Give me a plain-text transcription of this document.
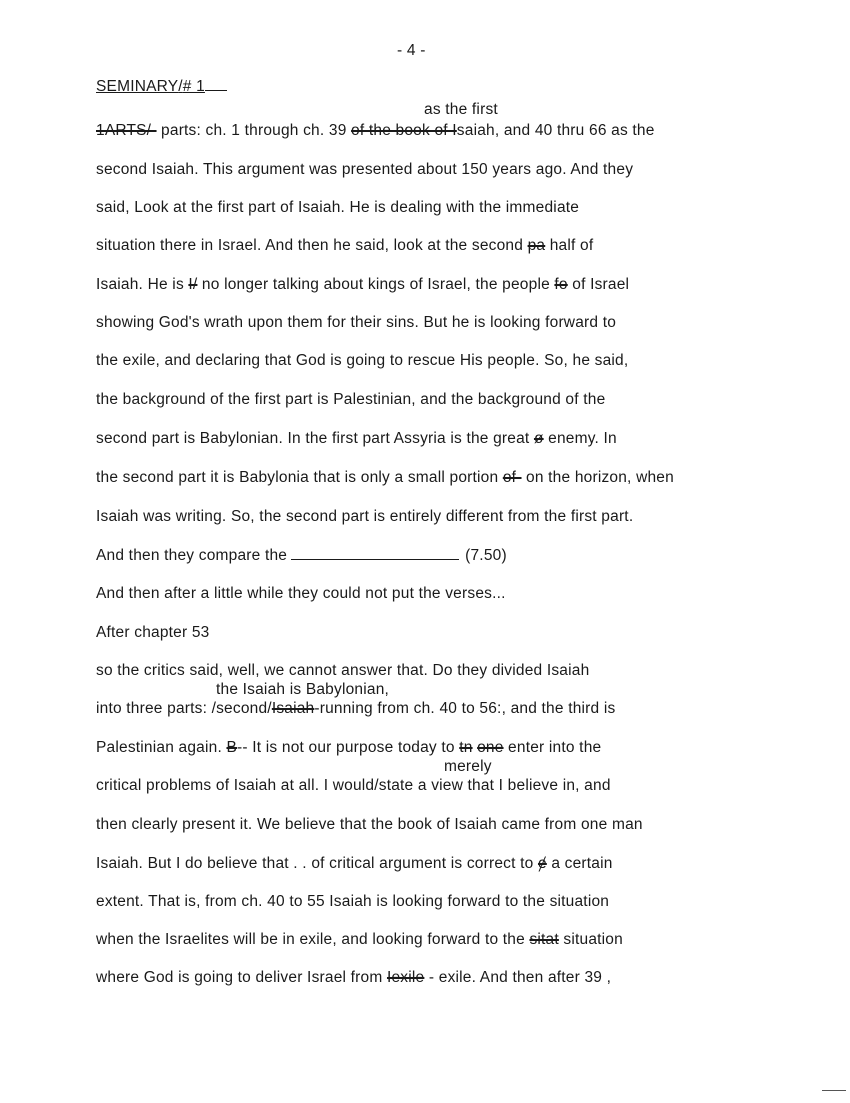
- 4 -
SEMINARY/# 1
as the first
1ARTS/- parts: ch. 1 through ch. 39 of the book of Isaiah, and 40 thru 66 as the
second Isaiah. This argument was presented about 150 years ago. And they
said, Look at the first part of Isaiah. He is dealing with the immediate
situation there in Israel. And then he said, look at the second pa half of
Isaiah. He is I/ no longer talking about kings of Israel, the people fo of Israel
showing God's wrath upon them for their sins. But he is looking forward to
the exile, and declaring that God is going to rescue His people. So, he said,
the background of the first part is Palestinian, and the background of the
second part is Babylonian. In the first part Assyria is the great ø enemy. In
the second part it is Babylonia that is only a small portion of- on the horizon, when
Isaiah was writing. So, the second part is entirely different from the first part.
And then they compare the	(7.50)
And then after a little while they could not put the verses...
After chapter 53
so the critics said, well, we cannot answer that. Do they divided Isaiah
the Isaiah is Babylonian,
into three parts: /second/Isaiah-running from ch. 40 to 56:, and the third is
Palestinian again. B-- It is not our purpose today to tn one enter into the
merely
critical problems of Isaiah at all. I would/state a view that I believe in, and
then clearly present it. We believe that the book of Isaiah came from one man
Isaiah. But I do believe that . . of critical argument is correct to ɇ a certain
extent. That is, from ch. 40 to 55 Isaiah is looking forward to the situation
when the Israelites will be in exile, and looking forward to the sitat situation
where God is going to deliver Israel from Iexile - exile. And then after 39 ,
